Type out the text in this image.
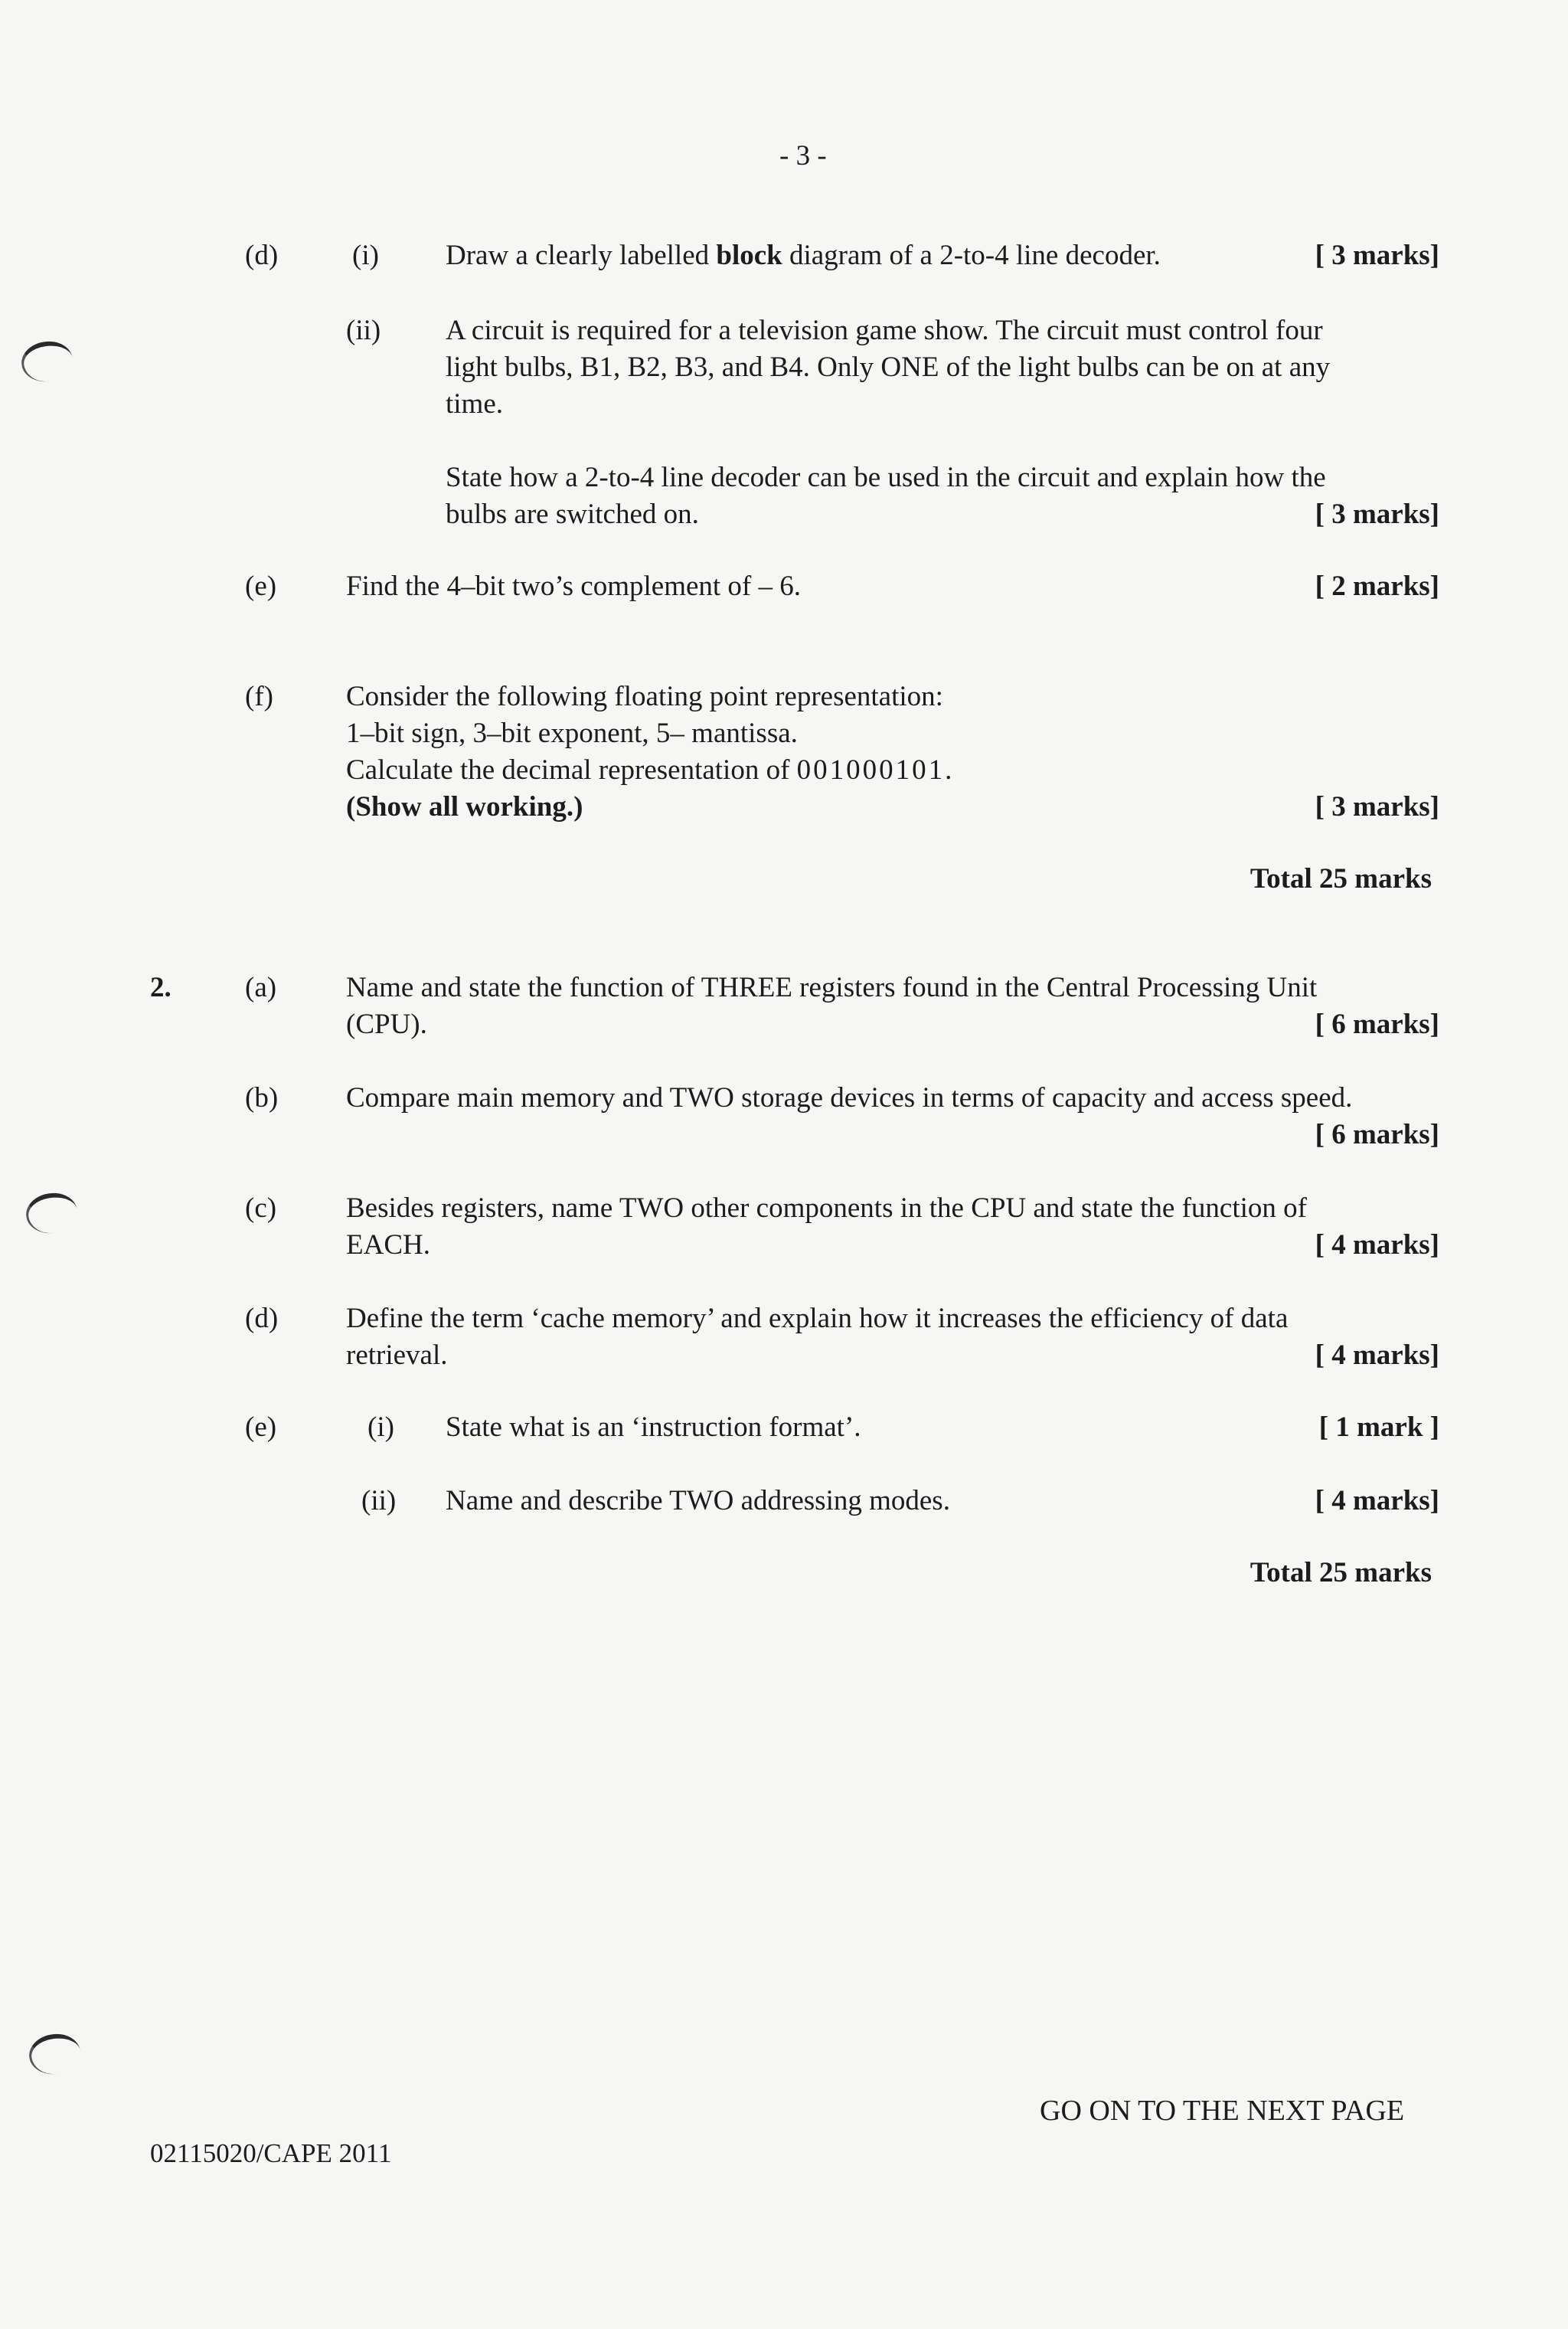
- 3 -
(d)	(i) Draw a clearly labelled block diagram of a 2-to-4 line decoder.	[ 3 marks]
(ii) A circuit is required for a television game show. The circuit must control four
light bulbs, B1, B2, B3, and B4. Only ONE of the light bulbs can be on at any
time.
State how a 2-to-4 line decoder can be used in the circuit and explain how the
bulbs are switched on.	[ 3 marks]
(e) Find the 4–bit two’s complement of – 6.	[ 2 marks]
(f)	Consider the following floating point representation:
1–bit sign, 3–bit exponent, 5– mantissa.
Calculate the decimal representation of 001000101.
(Show all working.)	[ 3 marks]
Total 25 marks
2.	(a) Name and state the function of THREE registers found in the Central Processing Unit
(CPU).	[ 6 marks]
(b) Compare main memory and TWO storage devices in terms of capacity and access speed.
[ 6 marks]
(c) Besides registers, name TWO other components in the CPU and state the function of
EACH.	[ 4 marks]
(d) Define the term ‘cache memory’ and explain how it increases the efficiency of data
retrieval.	[ 4 marks]
(e)	(i) State what is an ‘instruction format’.	[ 1 mark ]
(ii) Name and describe TWO addressing modes.	[ 4 marks]
Total 25 marks
GO ON TO THE NEXT PAGE
02115020/CAPE 2011
